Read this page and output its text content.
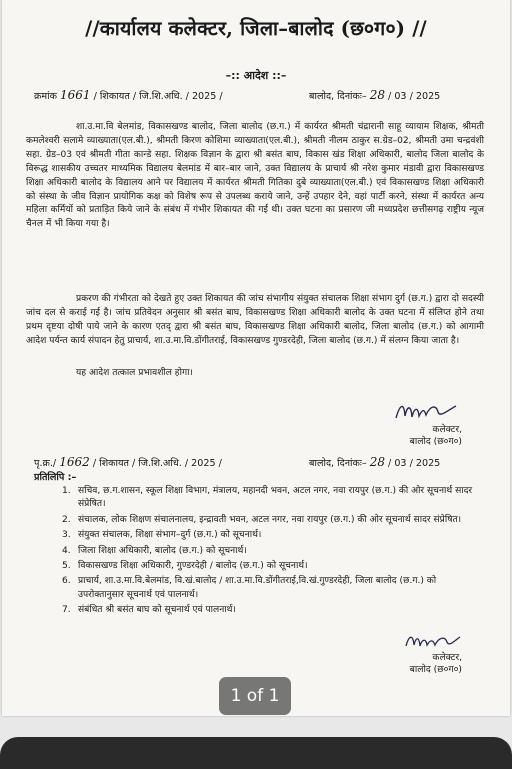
//कार्यालय कलेक्टर, जिला–बालोद (छ०ग०) //
–:: आदेश ::–
क्रमांक 1661 / शिकायत / जि.शि.अधि. / 2025 /	बालोद, दिनांकः– 28 / 03 / 2025
शा.उ.मा.वि बेलमांड, विकासखण्ड बालोद, जिला बालोद (छ.ग.) में कार्यरत श्रीमती चंद्रारानी साहू व्यायाम शिक्षक, श्रीमती कमलेश्वरी सलामे व्याख्याता(एल.बी.), श्रीमती किरण कोशिमा व्याख्याता(एल.बी.), श्रीमती नीलम ठाकुर स.ग्रेड–02, श्रीमती उमा चन्द्रवंशी सहा. ग्रेड–03 एवं श्रीमती गीता कान्डे सहा. शिक्षक विज्ञान के द्वारा श्री बसंत बाघ, विकास खंड शिक्षा अधिकारी, बालोद जिला बालोद के विरूद्ध शासकीय उच्चतर माध्यमिक विद्यालय बेलमांड में बार–बार जाने, उक्त विद्यालय के प्राचार्य श्री नरेश कुमार मंडावी द्वारा विकासखण्ड शिक्षा अधिकारी बालोद के विद्यालय आने पर विद्यालय में कार्यरत श्रीमती गितिका दुबे व्याख्याता(एल.बी.) एवं विकासखण्ड शिक्षा अधिकारी को संस्था के जीव विज्ञान प्रायोगिक कक्ष को विशेष रूप से उपलब्ध कराये जाने, उन्हें उपहार देने, वहां पार्टी करने, संस्था में कार्यरत अन्य महिला कर्मियों को प्रताड़ित किये जाने के संबंध में गंभीर शिकायत की गई थी। उक्त घटना का प्रसारण जी मध्यप्रदेश छत्तीसगढ़ राष्ट्रीय न्यूज चैनल में भी किया गया है।
प्रकरण की गंभीरता को देखते हुए उक्त शिकायत की जांच संभागीय संयुक्त संचालक शिक्षा संभाग दुर्ग (छ.ग.) द्वारा दो सदस्यी जांच दल से कराई गई है। जांच प्रतिवेदन अनुसार श्री बसंत बाघ, विकासखण्ड शिक्षा अधिकारी बालोद के उक्त घटना में संलिप्त होने तथा प्रथम दृष्टया दोषी पाये जाने के कारण एतद् द्वारा श्री बसंत बाघ, विकासखण्ड शिक्षा अधिकारी बालोद, जिला बालोद (छ.ग.) को आगामी आदेश पर्यन्त कार्य संपादन हेतु प्राचार्य, शा.उ.मा.वि.डोंगीतराई, विकासखण्ड गुण्डरदेही, जिला बालोद (छ.ग.) में संलग्न किया जाता है।
यह आदेश तत्काल प्रभावशील होगा।
कलेक्टर,
बालोद (छ०ग०)
पृ.क्र./ 1662 / शिकायत / जि.शि.अधि. / 2025 /	बालोद, दिनांकः– 28 / 03 / 2025
प्रतिलिपि :–
1. सचिव, छ.ग.शासन, स्कूल शिक्षा विभाग, मंत्रालय, महानदी भवन, अटल नगर, नवा रायपुर (छ.ग.) की ओर सूचनार्थ सादर संप्रेषित।
2. संचालक, लोक शिक्षण संचालनालय, इन्द्रावती भवन, अटल नगर, नवा रायपुर (छ.ग.) की ओर सूचनार्थ सादर संप्रेषित।
3. संयुक्त संचालक, शिक्षा संभाग–दुर्ग (छ.ग.) को सूचनार्थ।
4. जिला शिक्षा अधिकारी, बालोद (छ.ग.) को सूचनार्थ।
5. विकासखण्ड शिक्षा अधिकारी, गुण्डरदेही / बालोद (छ.ग.) को सूचनार्थ।
6. प्राचार्य, शा.उ.मा.वि.बेलमांड, वि.खं.बालोद / शा.उ.मा.वि.डोंगीतराई,वि.खं.गुण्डरदेही, जिला बालोद (छ.ग.) को उपरोक्तानुसार सूचनार्थ एवं पालनार्थ।
7. संबंधित श्री बसंत बाघ को सूचनार्थ एवं पालनार्थ।
कलेक्टर,
बालोद (छ०ग०)
1 of 1
